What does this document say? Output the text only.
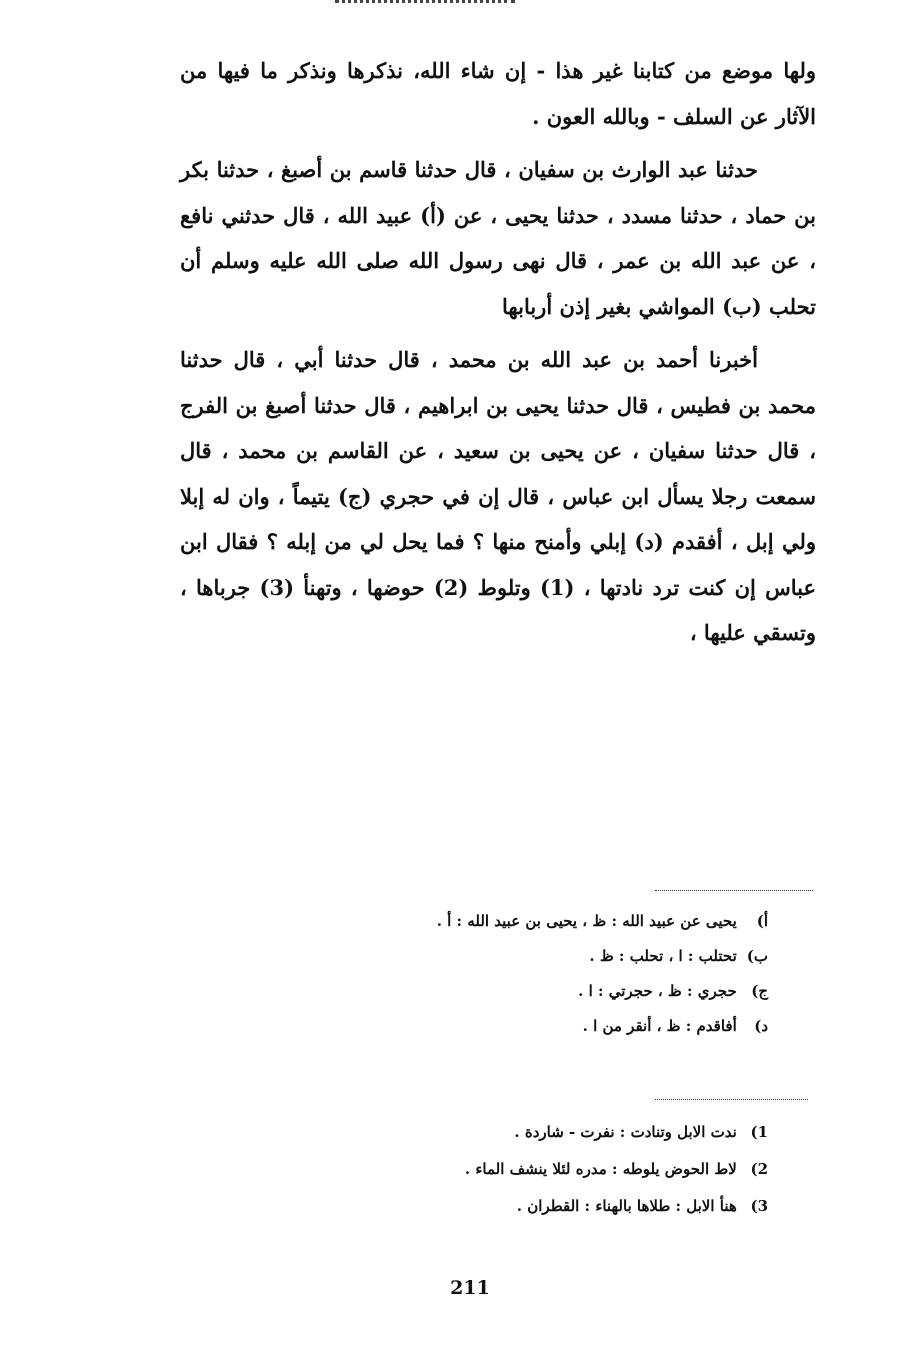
ولها موضع من كتابنا غير هذا - إن شاء الله، نذكرها ونذكر ما فيها من الآثار عن السلف - وبالله العون .

حدثنا عبد الوارث بن سفيان ، قال حدثنا قاسم بن أصبغ ، حدثنا بكر بن حماد ، حدثنا مسدد ، حدثنا يحيى ، عن (أ) عبيد الله ، قال حدثني نافع ، عن عبد الله بن عمر ، قال نهى رسول الله صلى الله عليه وسلم أن تحلب (ب) المواشي بغير إذن أربابها

أخبرنا أحمد بن عبد الله بن محمد ، قال حدثنا أبي ، قال حدثنا محمد بن فطيس ، قال حدثنا يحيى بن ابراهيم ، قال حدثنا أصبغ بن الفرج ، قال حدثنا سفيان ، عن يحيى بن سعيد ، عن القاسم بن محمد ، قال سمعت رجلا يسأل ابن عباس ، قال إن في حجري (ج) يتيماً ، وان له إبلا ولي إبل ، أفقدم (د) إبلي وأمنح منها ؟ فما يحل لي من إبله ؟ فقال ابن عباس إن كنت ترد نادتها ، (1) وتلوط (2) حوضها ، وتهنأ (3) جرباها ، وتسقي عليها ،

أ) يحيى عن عبيد الله : ظ ، يحيى بن عبيد الله : أ .
ب) تحتلب : ا ، تحلب : ظ .
ج) حجري : ظ ، حجرتي : ا .
د) أفاقدم : ظ ، أنقر من ا .
1) ندت الابل وتنادت : نفرت - شاردة .
2) لاط الحوض يلوطه : مدره لئلا ينشف الماء .
3) هنأ الابل : طلاها بالهناء : القطران .
211
